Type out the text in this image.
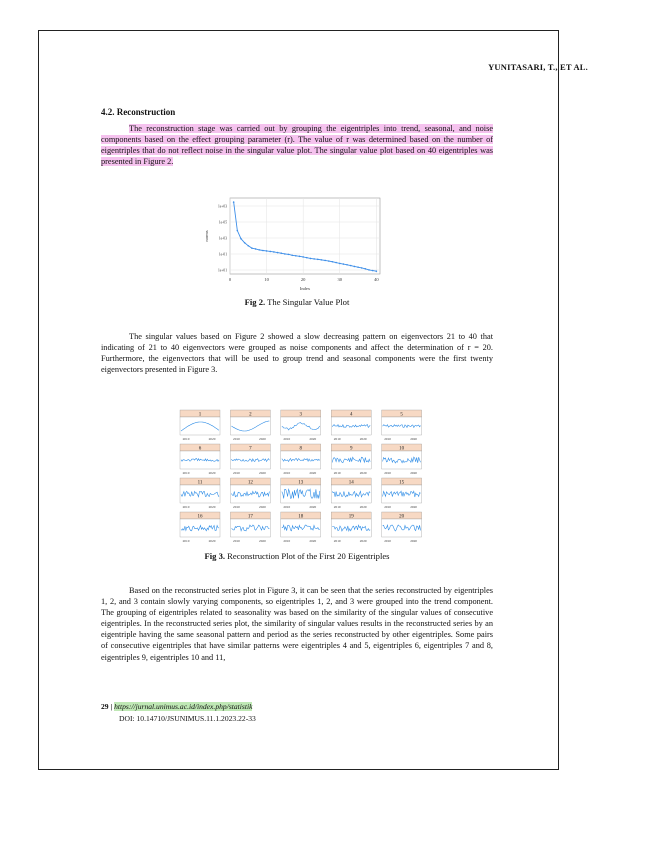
YUNITASARI, T., ET AL.
4.2. Reconstruction
The reconstruction stage was carried out by grouping the eigentriples into trend, seasonal, and noise components based on the effect grouping parameter (r). The value of r was determined based on the number of eigentriples that do not reflect noise in the singular value plot. The singular value plot based on 40 eigentriples was presented in Figure 2.
0	10	20	30	40
1e+03
1e-05
1e-03
1e-01
1e+01
Index
norms
Fig 2. The Singular Value Plot
The singular values based on Figure 2 showed a slow decreasing pattern on eigenvectors 21 to 40 that indicating of 21 to 40 eigenvectors were grouped as noise components and affect the determination of r = 20. Furthermore, the eigenvectors that will be used to group trend and seasonal components were the first twenty eigenvectors presented in Figure 3.
1
2010	2020
2
2010	2020
3
2010	2020
4
2010	2020
5
2010	2020
6
2010	2020
7
2010	2020
8
2010	2020
9
2010	2020
10
2010	2020
11
2010	2020
12
2010	2020
13
2010	2020
14
2010	2020
15
2010	2020
16
2010	2020
17
2010	2020
18
2010	2020
19
2010	2020
20
2010	2020
Fig 3. Reconstruction Plot of the First 20 Eigentriples
Based on the reconstructed series plot in Figure 3, it can be seen that the series reconstructed by eigentriples 1, 2, and 3 contain slowly varying components, so eigentriples 1, 2, and 3 were grouped into the trend component. The grouping of eigentriples related to seasonality was based on the similarity of the singular values of consecutive eigentriples. In the reconstructed series plot, the similarity of singular values results in the reconstructed series by an eigentriple having the same seasonal pattern and period as the series reconstructed by other eigentriples. Some pairs of consecutive eigentriples that have similar patterns were eigentriples 4 and 5, eigentriples 6, eigentriples 7 and 8, eigentriples 9, eigentriples 10 and 11,
29 | https://jurnal.unimus.ac.id/index.php/statistik
DOI: 10.14710/JSUNIMUS.11.1.2023.22-33
